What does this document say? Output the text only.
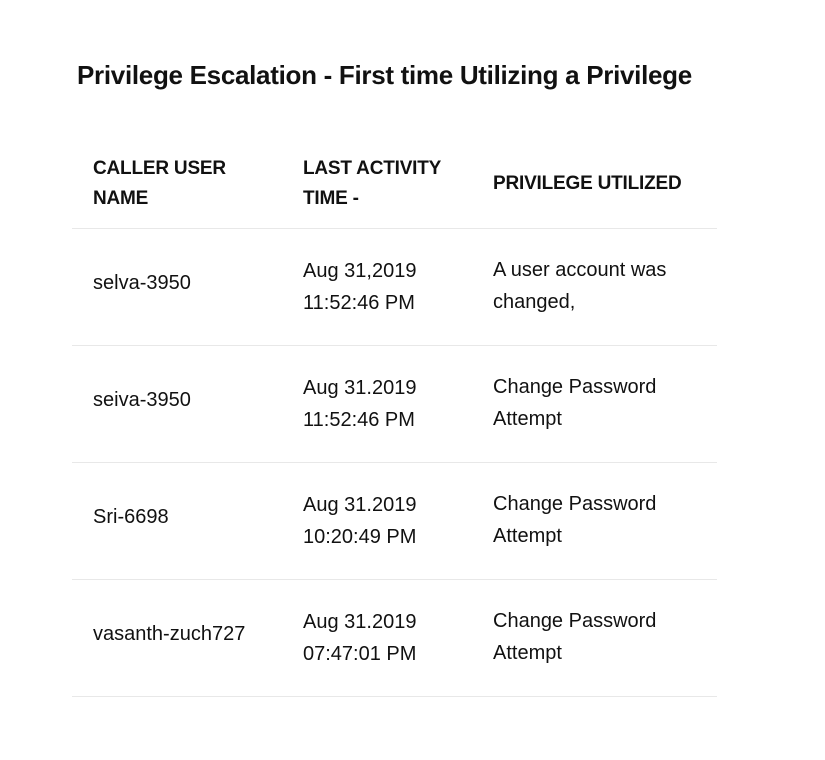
Privilege Escalation - First time Utilizing a Privilege
CALLER USER
NAME
LAST ACTIVITY
TIME -
PRIVILEGE UTILIZED
selva-3950
Aug 31,2019
11:52:46 PM
A user account was
changed,
seiva-3950
Aug 31.2019
11:52:46 PM
Change Password
Attempt
Sri-6698
Aug 31.2019
10:20:49 PM
Change Password
Attempt
vasanth-zuch727
Aug 31.2019
07:47:01 PM
Change Password
Attempt
